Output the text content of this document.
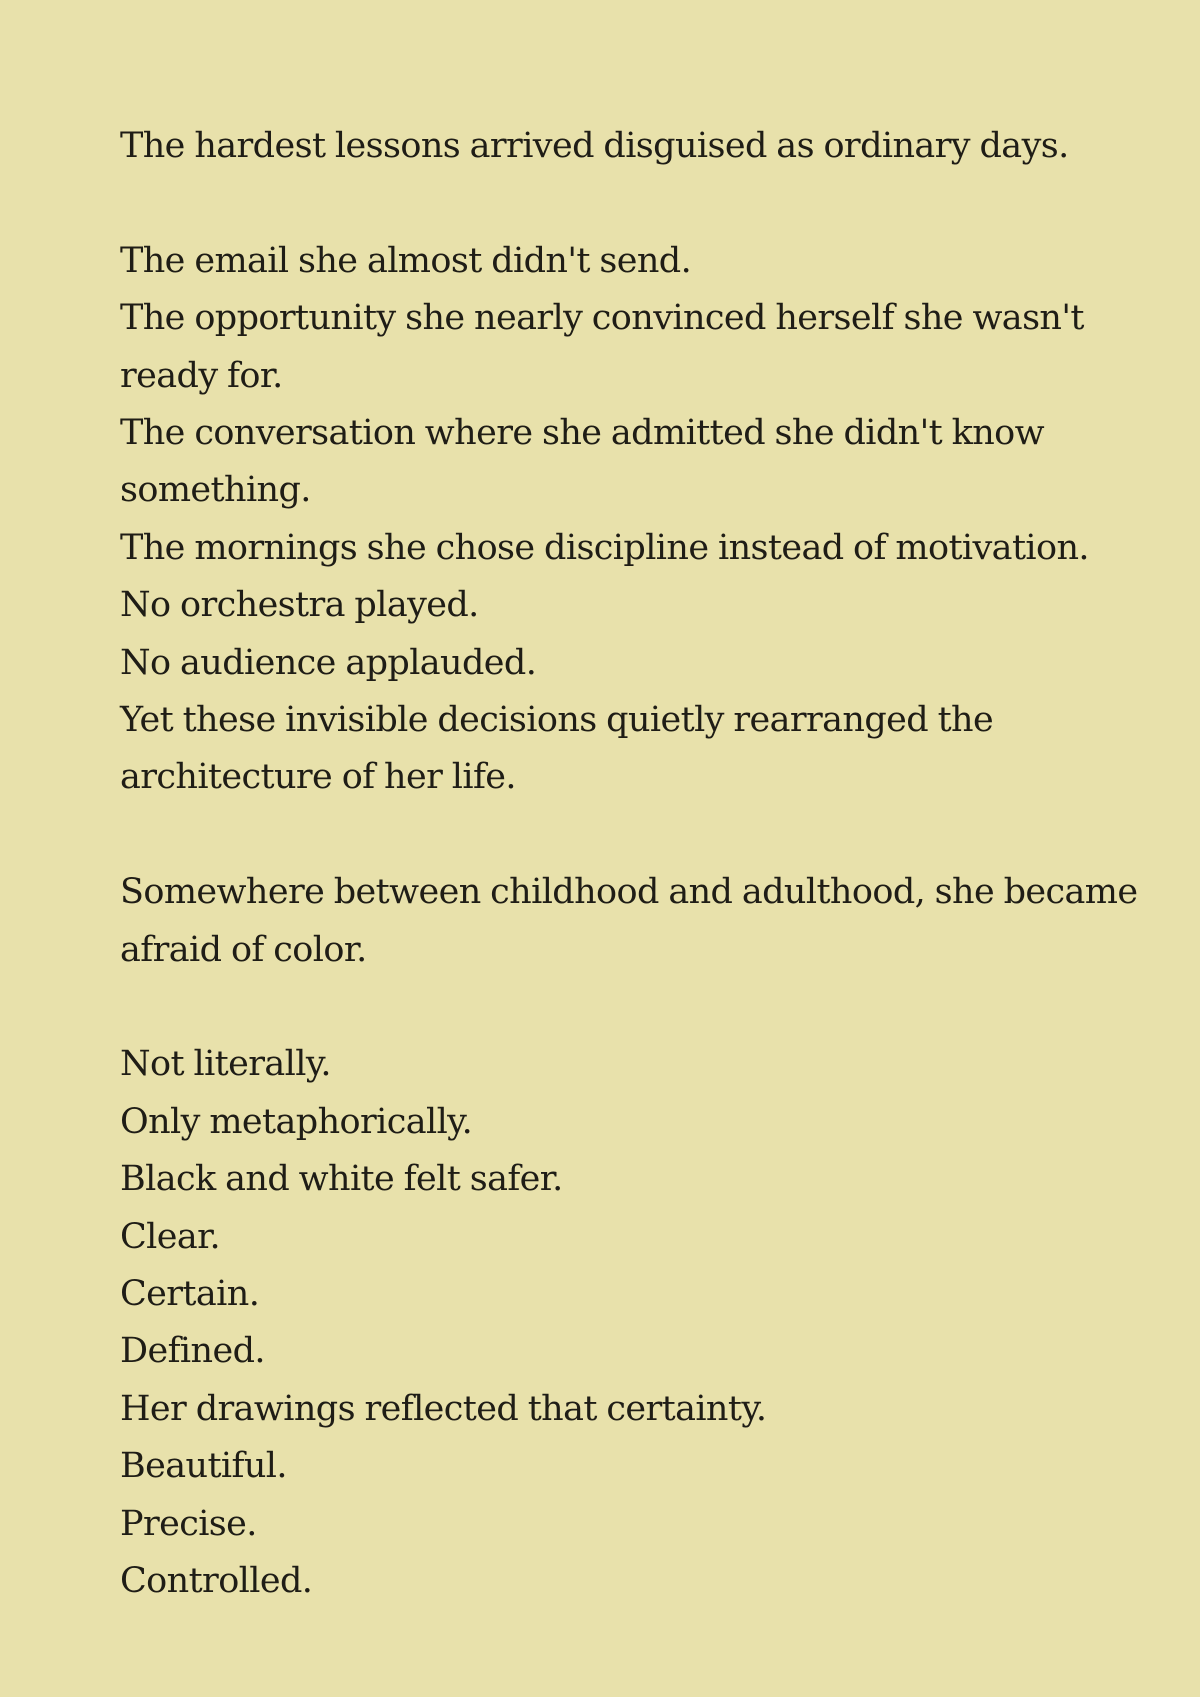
The hardest lessons arrived disguised as ordinary days.
The email she almost didn't send.
The opportunity she nearly convinced herself she wasn't
ready for.
The conversation where she admitted she didn't know
something.
The mornings she chose discipline instead of motivation.
No orchestra played.
No audience applauded.
Yet these invisible decisions quietly rearranged the
architecture of her life.
Somewhere between childhood and adulthood, she became
afraid of color.
Not literally.
Only metaphorically.
Black and white felt safer.
Clear.
Certain.
Defined.
Her drawings reflected that certainty.
Beautiful.
Precise.
Controlled.
